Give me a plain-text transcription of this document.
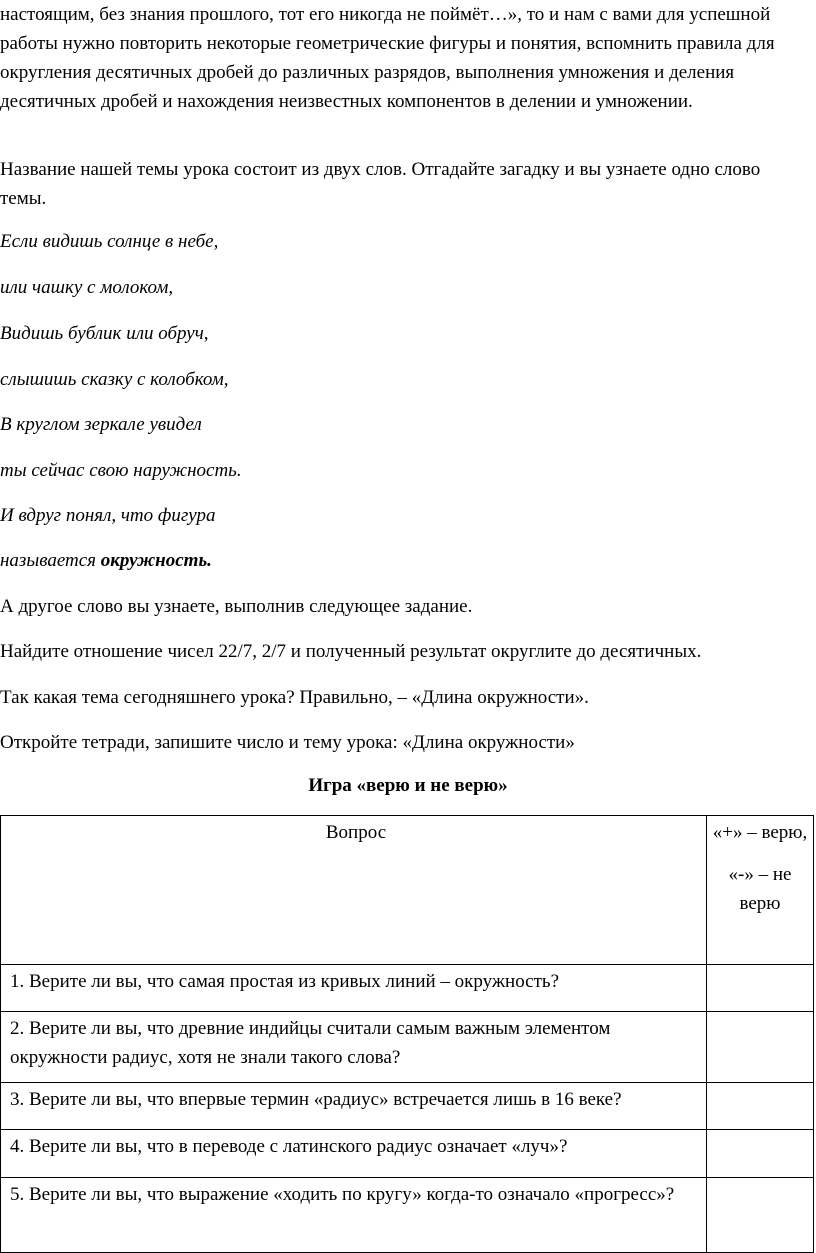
настоящим, без знания прошлого, тот его никогда не поймёт…», то и нам с вами для успешной работы нужно повторить некоторые геометрические фигуры и понятия, вспомнить правила для округления десятичных дробей до различных разрядов, выполнения умножения и деления десятичных дробей и нахождения неизвестных компонентов в делении и умножении.

Название нашей темы урока состоит из двух слов. Отгадайте загадку и вы узнаете одно слово темы.

Если видишь солнце в небе,

или чашку с молоком,

Видишь бублик или обруч,

слышишь сказку с колобком,

В круглом зеркале увидел

ты сейчас свою наружность.

И вдруг понял, что фигура

называется окружность.

А другое слово вы узнаете, выполнив следующее задание.

Найдите отношение чисел 22/7, 2/7 и полученный результат округлите до десятичных.

Так какая тема сегодняшнего урока? Правильно, – «Длина окружности».

Откройте тетради, запишите число и тему урока: «Длина окружности»

Игра «верю и не верю»

Вопрос	«+» – верю,

«-» – не верю

1. Верите ли вы, что самая простая из кривых линий – окружность?	
2. Верите ли вы, что древние индийцы считали самым важным элементом окружности радиус, хотя не знали такого слова?	
3. Верите ли вы, что впервые термин «радиус» встречается лишь в 16 веке?	
4. Верите ли вы, что в переводе с латинского радиус означает «луч»?	
5. Верите ли вы, что выражение «ходить по кругу» когда-то означало «прогресс»?	
